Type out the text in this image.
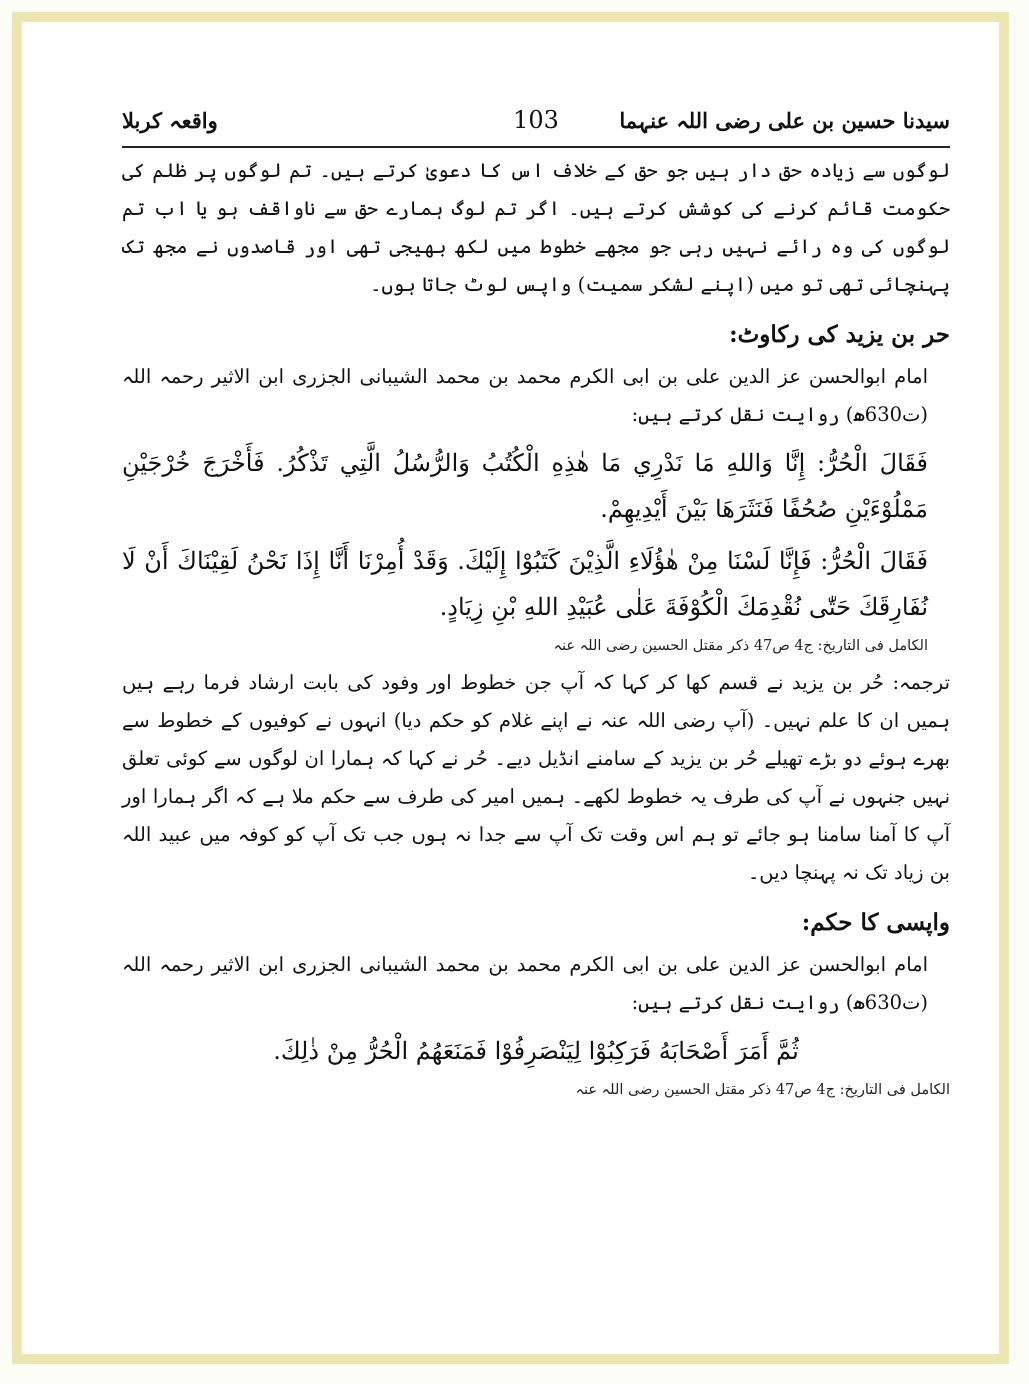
سیدنا حسین بن علی رضی اللہ عنہما
103
واقعہ کربلا

لوگوں سے زیادہ حق دار ہیں جو حق کے خلاف اس کا دعویٰ کرتے ہیں۔ تم لوگوں پر ظلم کی حکومت قائم کرنے کی کوشش کرتے ہیں۔ اگر تم لوگ ہمارے حق سے ناواقف ہو یا اب تم لوگوں کی وہ رائے نہیں رہی جو مجھے خطوط میں لکھ بھیجی تھی اور قاصدوں نے مجھ تک پہنچائی تھی تو میں (اپنے لشکر سمیت) واپس لوٹ جاتا ہوں۔

حر بن یزید کی رکاوٹ:

امام ابوالحسن عز الدین علی بن ابی الکرم محمد بن محمد الشیبانی الجزری ابن الاثیر رحمہ اللہ (ت630ھ) روایت نقل کرتے ہیں:

فَقَالَ الْحُرُّ: إِنَّا وَاللهِ مَا نَدْرِي مَا هٰذِهِ الْكُتُبُ وَالرُّسُلُ الَّتِي تَذْكُرُ. فَأَخْرَجَ خُرْجَيْنِ مَمْلُوْءَيْنِ صُحُفًا فَنَثَرَهَا بَيْنَ أَيْدِيهِمْ.

فَقَالَ الْحُرُّ: فَإِنَّا لَسْنَا مِنْ هٰؤُلَاءِ الَّذِيْنَ كَتَبُوْا إِلَيْكَ. وَقَدْ أُمِرْنَا أَنَّا إِذَا نَحْنُ لَقِيْنَاكَ أَنْ لَا نُفَارِقَكَ حَتّٰى نُقْدِمَكَ الْكُوْفَةَ عَلٰى عُبَيْدِ اللهِ بْنِ زِيَادٍ.

الکامل فی التاریخ: ج4 ص47 ذکر مقتل الحسین رضی اللہ عنہ

ترجمہ: حُر بن یزید نے قسم کھا کر کہا کہ آپ جن خطوط اور وفود کی بابت ارشاد فرما رہے ہیں ہمیں ان کا علم نہیں۔ (آپ رضی اللہ عنہ نے اپنے غلام کو حکم دیا) انہوں نے کوفیوں کے خطوط سے بھرے ہوئے دو بڑے تھیلے حُر بن یزید کے سامنے انڈیل دیے۔ حُر نے کہا کہ ہمارا ان لوگوں سے کوئی تعلق نہیں جنہوں نے آپ کی طرف یہ خطوط لکھے۔ ہمیں امیر کی طرف سے حکم ملا ہے کہ اگر ہمارا اور آپ کا آمنا سامنا ہو جائے تو ہم اس وقت تک آپ سے جدا نہ ہوں جب تک آپ کو کوفہ میں عبید اللہ بن زیاد تک نہ پہنچا دیں۔

واپسی کا حکم:

امام ابوالحسن عز الدین علی بن ابی الکرم محمد بن محمد الشیبانی الجزری ابن الاثیر رحمہ اللہ (ت630ھ) روایت نقل کرتے ہیں:

ثُمَّ أَمَرَ أَصْحَابَهُ فَرَكِبُوْا لِيَنْصَرِفُوْا فَمَنَعَهُمُ الْحُرُّ مِنْ ذٰلِكَ.

الکامل فی التاریخ: ج4 ص47 ذکر مقتل الحسین رضی اللہ عنہ
